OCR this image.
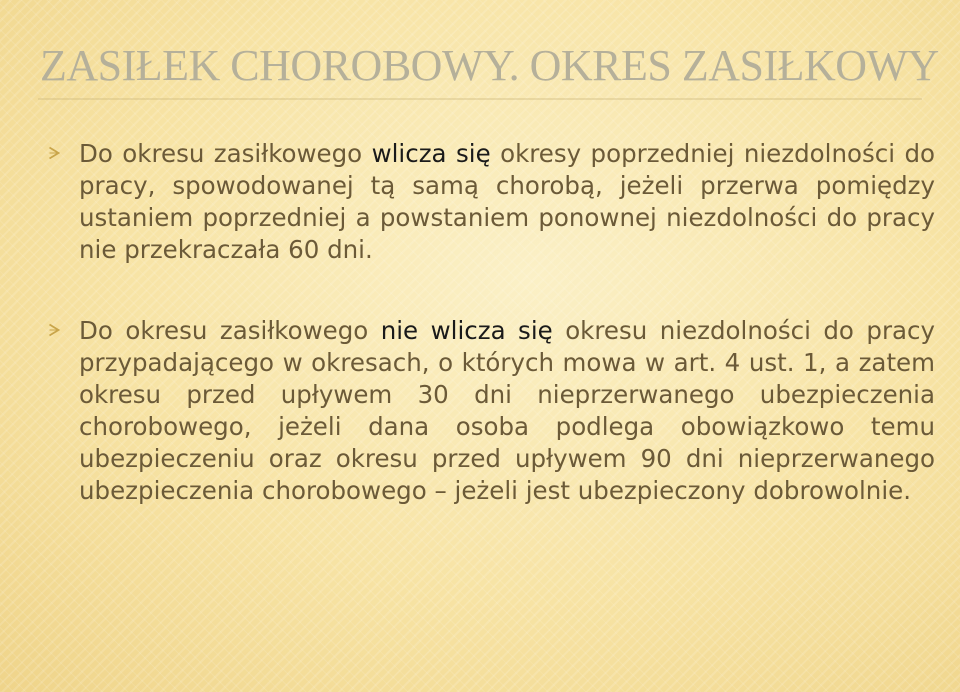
ZASIŁEK CHOROBOWY. OKRES ZASIŁKOWY

Do okresu zasiłkowego wlicza się okresy poprzedniej niezdolności do pracy, spowodowanej tą samą chorobą, jeżeli przerwa pomiędzy ustaniem poprzedniej a powstaniem ponownej niezdolności do pracy nie przekraczała 60 dni.

Do okresu zasiłkowego nie wlicza się okresu niezdolności do pracy przypadającego w okresach, o których mowa w art. 4 ust. 1, a zatem okresu przed upływem 30 dni nieprzerwanego ubezpieczenia chorobowego, jeżeli dana osoba podlega obowiązkowo temu ubezpieczeniu oraz okresu przed upływem 90 dni nieprzerwanego ubezpieczenia chorobowego – jeżeli jest ubezpieczony dobrowolnie.
